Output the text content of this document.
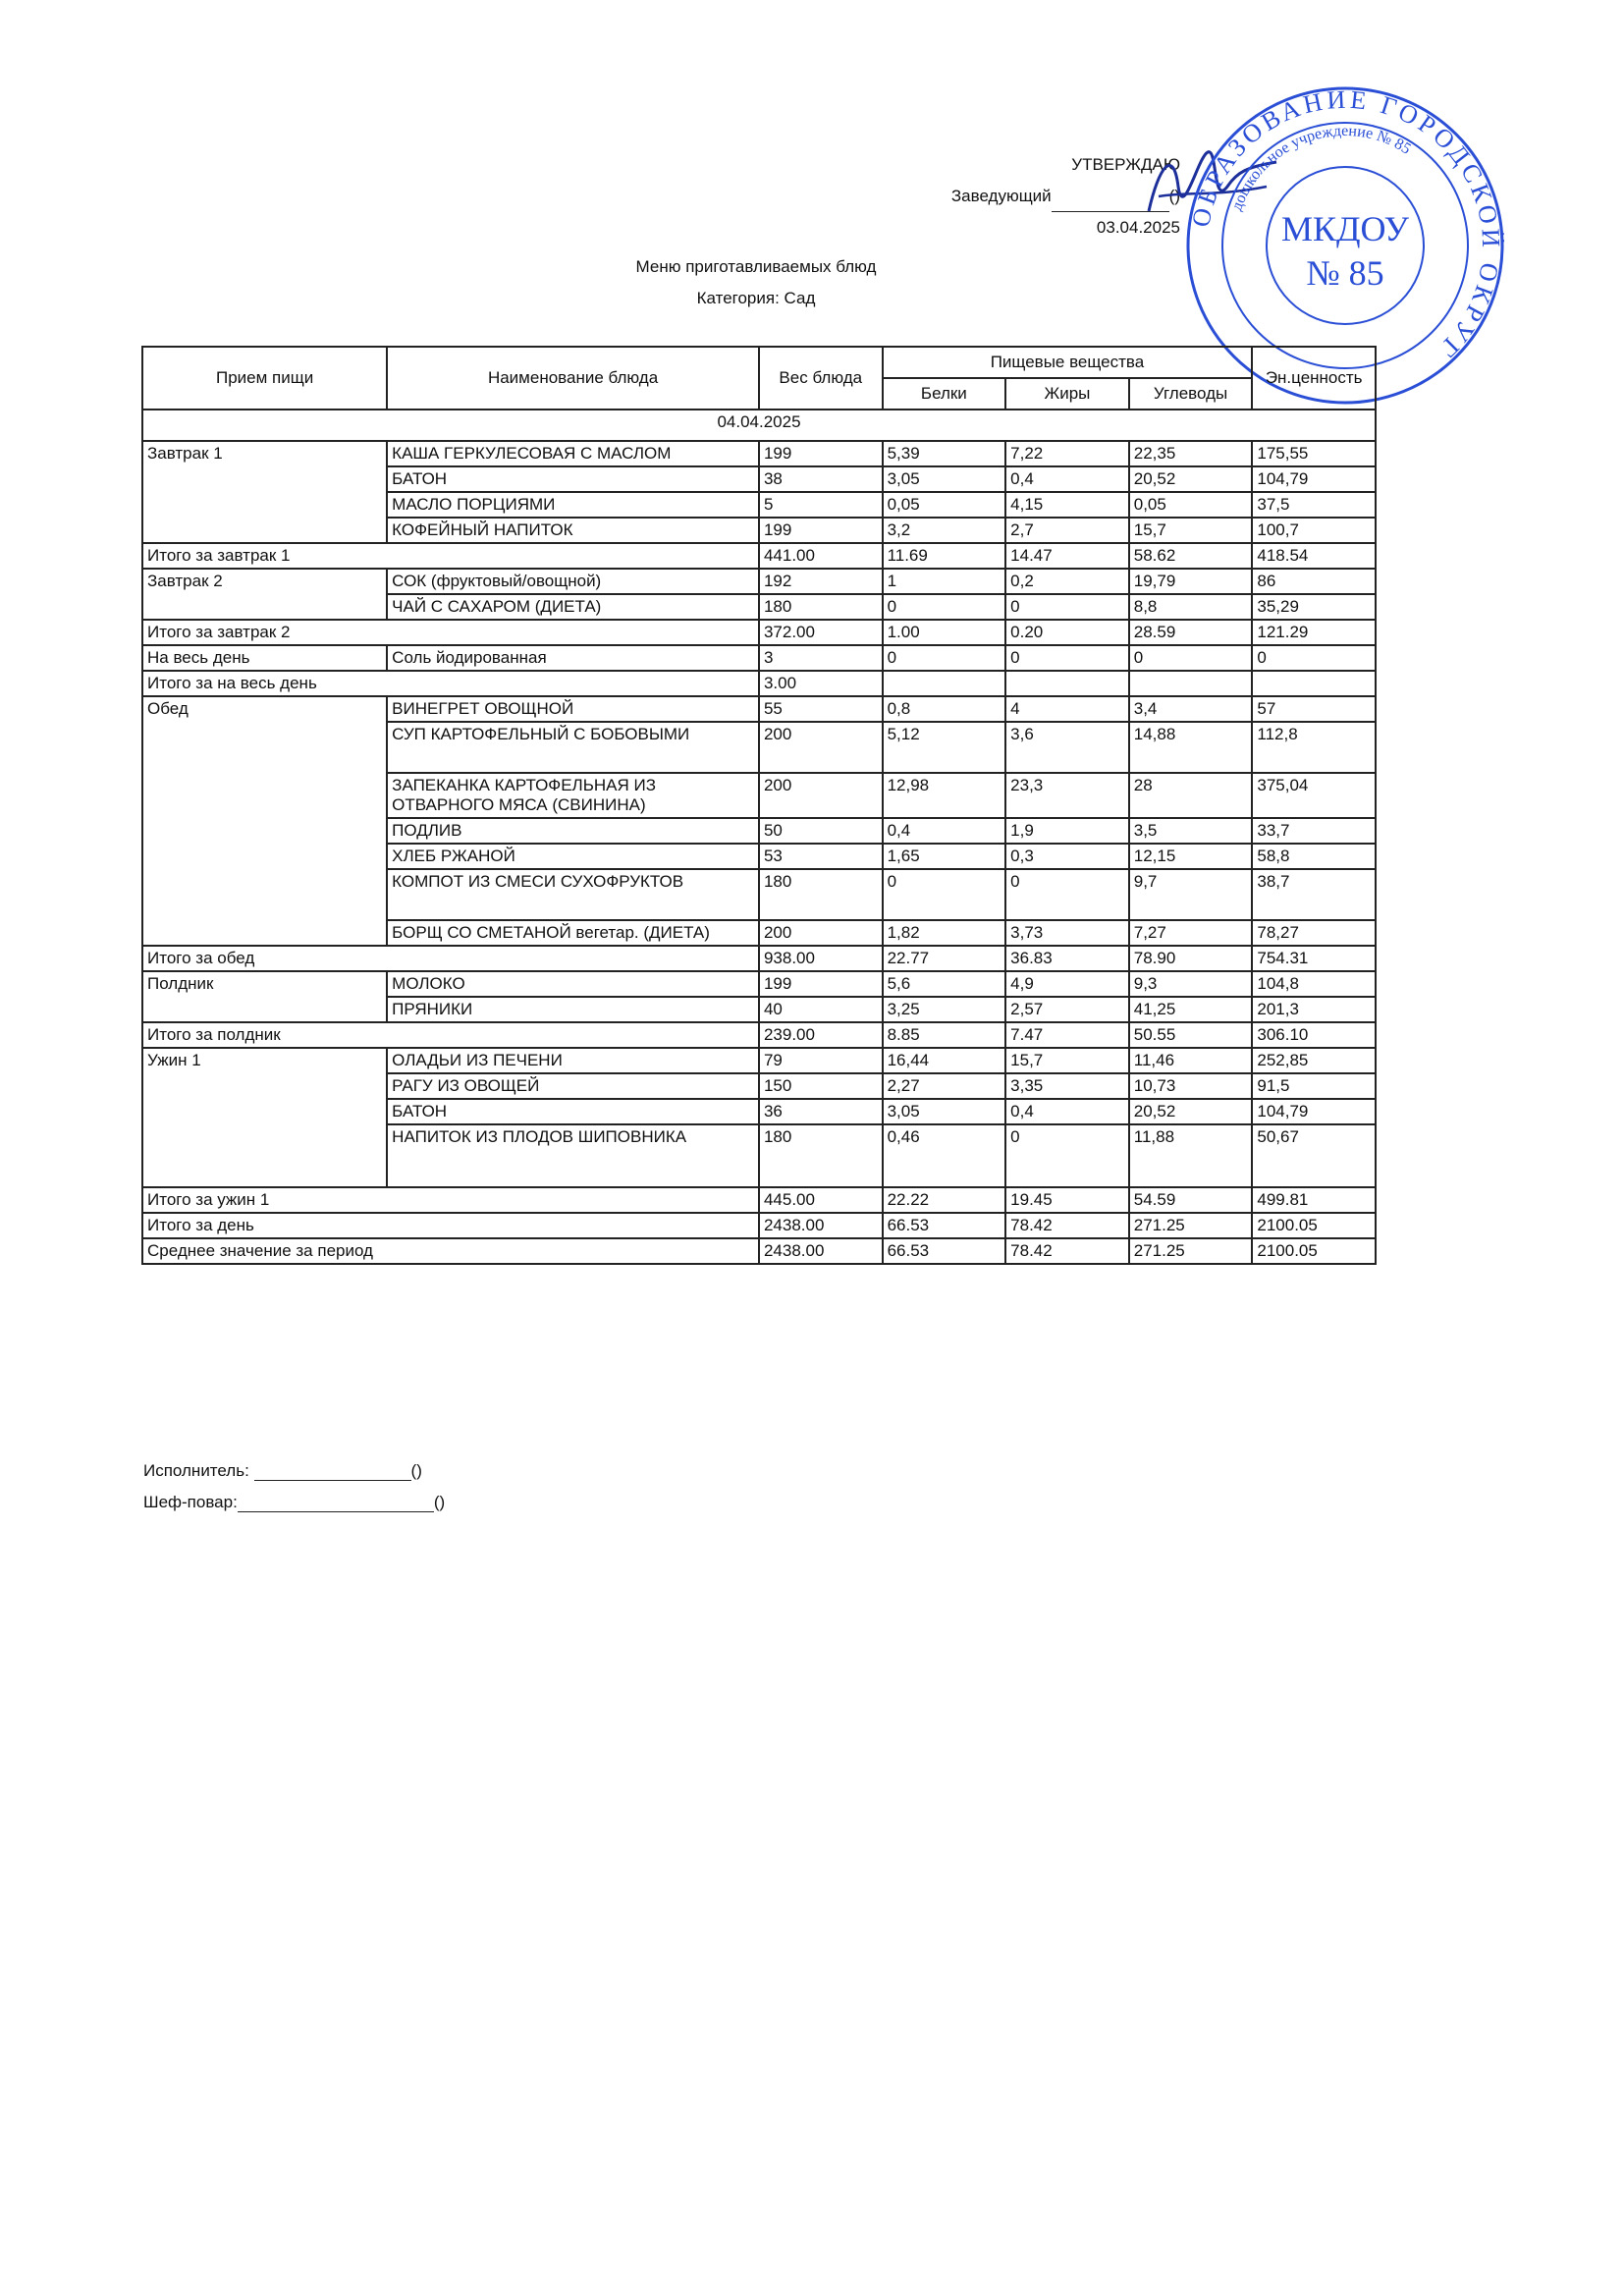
УТВЕРЖДАЮ
Заведующий	()
03.04.2025
Меню приготавливаемых блюд
Категория: Сад
ОБРАЗОВАНИЕ ГОРОДСКОЙ ОКРУГ
дошкольное учреждение № 85
МКДОУ
№ 85
Прием пищи	Наименование блюда	Вес блюда	Пищевые вещества			Эн.ценность
			Белки	Жиры	Углеводы	
04.04.2025						
Завтрак 1	КАША ГЕРКУЛЕСОВАЯ С МАСЛОМ	199	5,39	7,22	22,35	175,55
	БАТОН	38	3,05	0,4	20,52	104,79
	МАСЛО ПОРЦИЯМИ	5	0,05	4,15	0,05	37,5
	КОФЕЙНЫЙ НАПИТОК	199	3,2	2,7	15,7	100,7
Итого за завтрак 1		441.00	11.69	14.47	58.62	418.54
Завтрак 2	СОК (фруктовый/овощной)	192	1	0,2	19,79	86
	ЧАЙ С САХАРОМ (ДИЕТА)	180	0	0	8,8	35,29
Итого за завтрак 2		372.00	1.00	0.20	28.59	121.29
На весь день	Соль йодированная	3	0	0	0	0
Итого за на весь день		3.00				
Обед	ВИНЕГРЕТ ОВОЩНОЙ	55	0,8	4	3,4	57
	СУП КАРТОФЕЛЬНЫЙ С БОБОВЫМИ	200	5,12	3,6	14,88	112,8
	ЗАПЕКАНКА КАРТОФЕЛЬНАЯ ИЗ ОТВАРНОГО МЯСА (СВИНИНА)	200	12,98	23,3	28	375,04
	ПОДЛИВ	50	0,4	1,9	3,5	33,7
	ХЛЕБ РЖАНОЙ	53	1,65	0,3	12,15	58,8
	КОМПОТ ИЗ СМЕСИ СУХОФРУКТОВ	180	0	0	9,7	38,7
	БОРЩ СО СМЕТАНОЙ вегетар. (ДИЕТА)	200	1,82	3,73	7,27	78,27
Итого за обед		938.00	22.77	36.83	78.90	754.31
Полдник	МОЛОКО	199	5,6	4,9	9,3	104,8
	ПРЯНИКИ	40	3,25	2,57	41,25	201,3
Итого за полдник		239.00	8.85	7.47	50.55	306.10
Ужин 1	ОЛАДЬИ ИЗ ПЕЧЕНИ	79	16,44	15,7	11,46	252,85
	РАГУ ИЗ ОВОЩЕЙ	150	2,27	3,35	10,73	91,5
	БАТОН	36	3,05	0,4	20,52	104,79
	НАПИТОК ИЗ ПЛОДОВ ШИПОВНИКА	180	0,46	0	11,88	50,67
Итого за ужин 1		445.00	22.22	19.45	54.59	499.81
Итого за день		2438.00	66.53	78.42	271.25	2100.05
Среднее значение за период		2438.00	66.53	78.42	271.25	2100.05
Исполнитель:	()
Шеф-повар:	()
